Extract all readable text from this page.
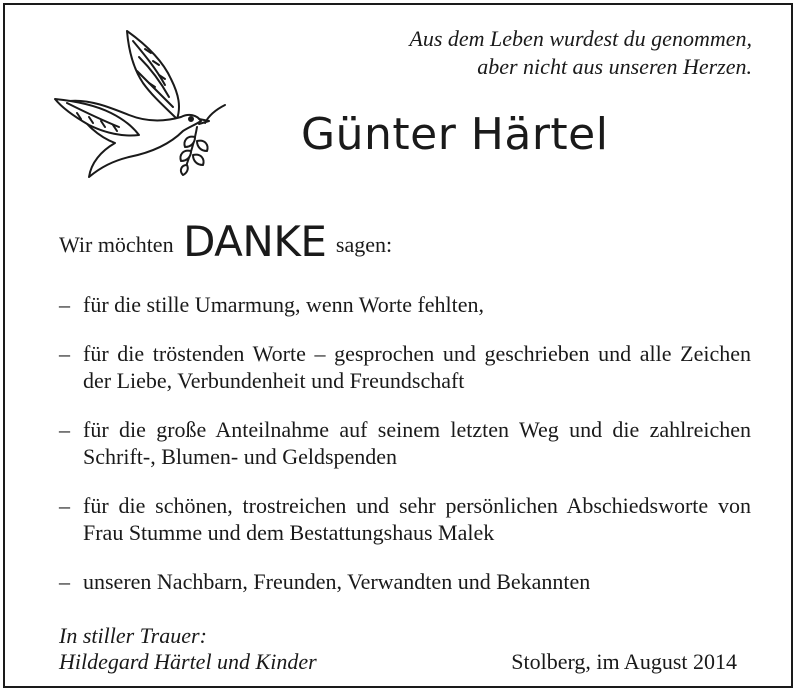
Aus dem Leben wurdest du genommen,
aber nicht aus unseren Herzen.
Günter Härtel
Wir möchten DANKE sagen:
– für die stille Umarmung, wenn Worte fehlten,
– für die tröstenden Worte – gesprochen und geschrieben und alle Zeichen der Liebe, Verbundenheit und Freundschaft
– für die große Anteilnahme auf seinem letzten Weg und die zahlreichen Schrift-, Blumen- und Geldspenden
– für die schönen, trostreichen und sehr persönlichen Abschiedsworte von Frau Stumme und dem Bestattungshaus Malek
– unseren Nachbarn, Freunden, Verwandten und Bekannten
In stiller Trauer:
Hildegard Härtel und Kinder	Stolberg, im August 2014
